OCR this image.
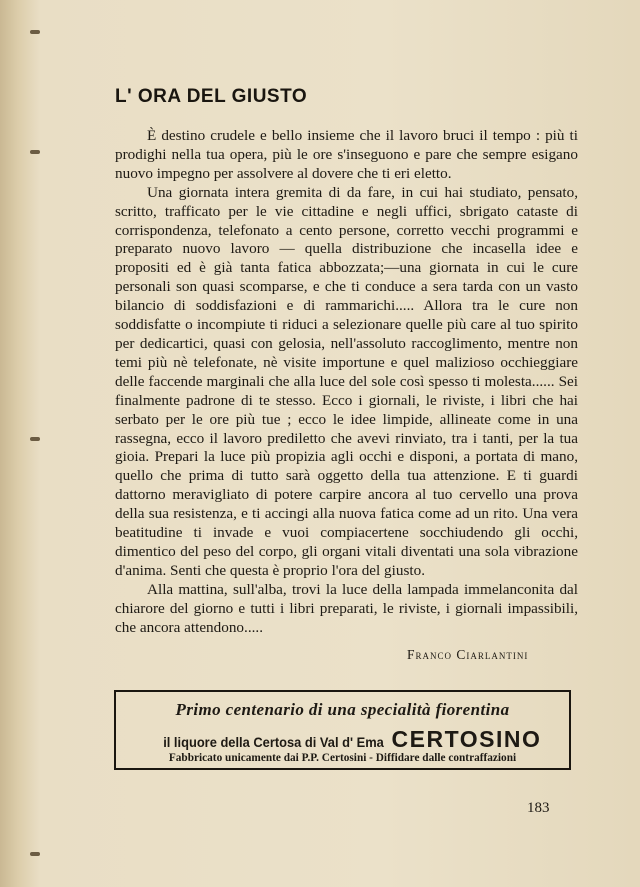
L' ORA DEL GIUSTO

È destino crudele e bello insieme che il lavoro bruci il tempo : più ti prodighi nella tua opera, più le ore s'inseguono e pare che sempre esigano nuovo impegno per assolvere al dovere che ti eri eletto.

Una giornata intera gremita di da fare, in cui hai studiato, pensato, scritto, trafficato per le vie cittadine e negli uffici, sbrigato cataste di corrispondenza, telefonato a cento persone, corretto vecchi programmi e preparato nuovo lavoro — quella distribuzione che incasella idee e propositi ed è già tanta fatica abbozzata;—una giornata in cui le cure personali son quasi scomparse, e che ti conduce a sera tarda con un vasto bilancio di soddisfazioni e di rammarichi..... Allora tra le cure non soddisfatte o incompiute ti riduci a selezionare quelle più care al tuo spirito per dedicartici, quasi con gelosia, nell'assoluto raccoglimento, mentre non temi più nè telefonate, nè visite importune e quel malizioso occhieggiare delle faccende marginali che alla luce del sole così spesso ti molesta...... Sei finalmente padrone di te stesso. Ecco i giornali, le riviste, i libri che hai serbato per le ore più tue ; ecco le idee limpide, allineate come in una rassegna, ecco il lavoro prediletto che avevi rinviato, tra i tanti, per la tua gioia. Prepari la luce più propizia agli occhi e disponi, a portata di mano, quello che prima di tutto sarà oggetto della tua attenzione. E ti guardi dattorno meravigliato di potere carpire ancora al tuo cervello una prova della sua resistenza, e ti accingi alla nuova fatica come ad un rito. Una vera beatitudine ti invade e vuoi compiacertene socchiudendo gli occhi, dimentico del peso del corpo, gli organi vitali diventati una sola vibrazione d'anima. Senti che questa è proprio l'ora del giusto.

Alla mattina, sull'alba, trovi la luce della lampada immelanconita dal chiarore del giorno e tutti i libri preparati, le riviste, i giornali impassibili, che ancora attendono.....

Franco Ciarlantini
Primo centenario di una specialità fiorentina
il liquore della Certosa di Val d' Ema CERTOSINO
Fabbricato unicamente dai P.P. Certosini - Diffidare dalle contraffazioni
183
